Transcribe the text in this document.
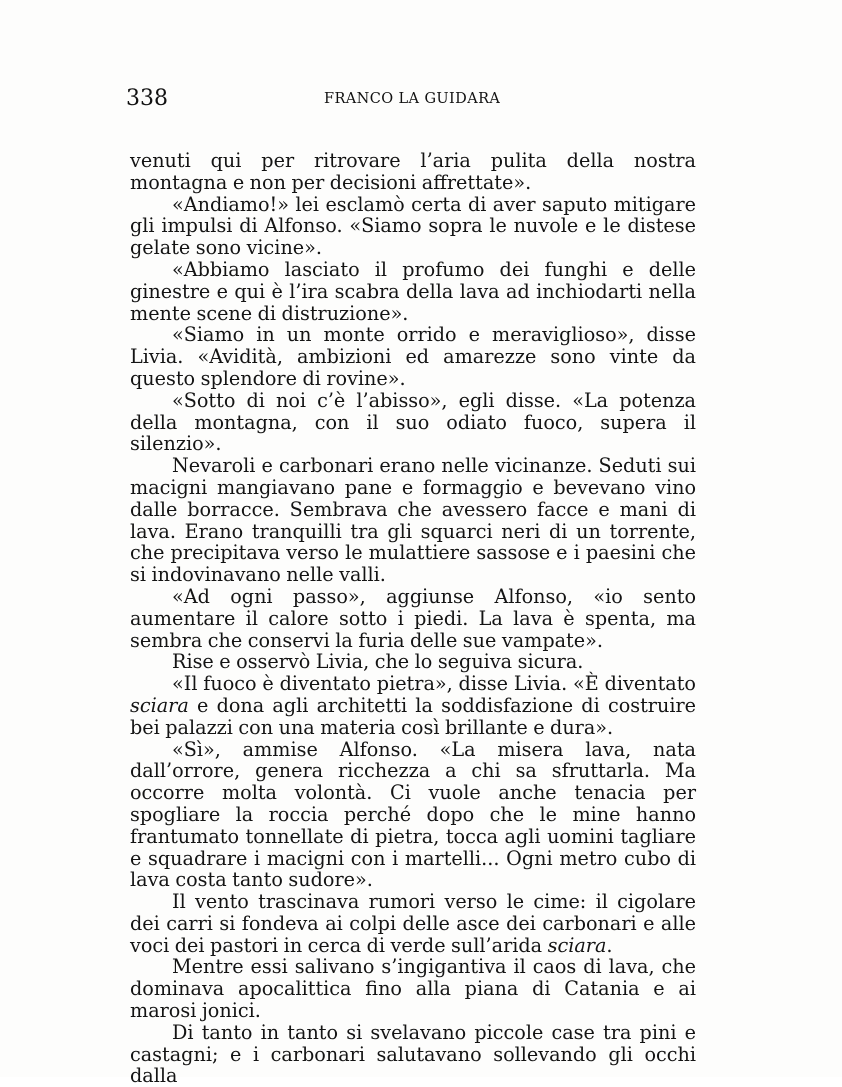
338	FRANCO LA GUIDARA

venuti qui per ritrovare l’aria pulita della nostra montagna e non per decisioni affrettate».

«Andiamo!» lei esclamò certa di aver saputo mitigare gli impulsi di Alfonso. «Siamo sopra le nuvole e le distese gelate sono vicine».

«Abbiamo lasciato il profumo dei funghi e delle ginestre e qui è l’ira scabra della lava ad inchiodarti nella mente scene di distruzione».

«Siamo in un monte orrido e meraviglioso», disse Livia. «Avidità, ambizioni ed amarezze sono vinte da questo splendore di rovine».

«Sotto di noi c’è l’abisso», egli disse. «La potenza della montagna, con il suo odiato fuoco, supera il silenzio».

Nevaroli e carbonari erano nelle vicinanze. Seduti sui macigni mangiavano pane e formaggio e bevevano vino dalle borracce. Sembrava che avessero facce e mani di lava. Erano tranquilli tra gli squarci neri di un torrente, che precipitava verso le mulattiere sassose e i paesini che si indovinavano nelle valli.

«Ad ogni passo», aggiunse Alfonso, «io sento aumentare il calore sotto i piedi. La lava è spenta, ma sembra che conservi la furia delle sue vampate».

Rise e osservò Livia, che lo seguiva sicura.

«Il fuoco è diventato pietra», disse Livia. «È diventato sciara e dona agli architetti la soddisfazione di costruire bei palazzi con una materia così brillante e dura».

«Sì», ammise Alfonso. «La misera lava, nata dall’orrore, genera ricchezza a chi sa sfruttarla. Ma occorre molta volontà. Ci vuole anche tenacia per spogliare la roccia perché dopo che le mine hanno frantumato tonnellate di pietra, tocca agli uomini tagliare e squadrare i macigni con i martelli... Ogni metro cubo di lava costa tanto sudore».

Il vento trascinava rumori verso le cime: il cigolare dei carri si fondeva ai colpi delle asce dei carbonari e alle voci dei pastori in cerca di verde sull’arida sciara.

Mentre essi salivano s’ingigantiva il caos di lava, che dominava apocalittica fino alla piana di Catania e ai marosi jonici.

Di tanto in tanto si svelavano piccole case tra pini e castagni; e i carbonari salutavano sollevando gli occhi dalla
